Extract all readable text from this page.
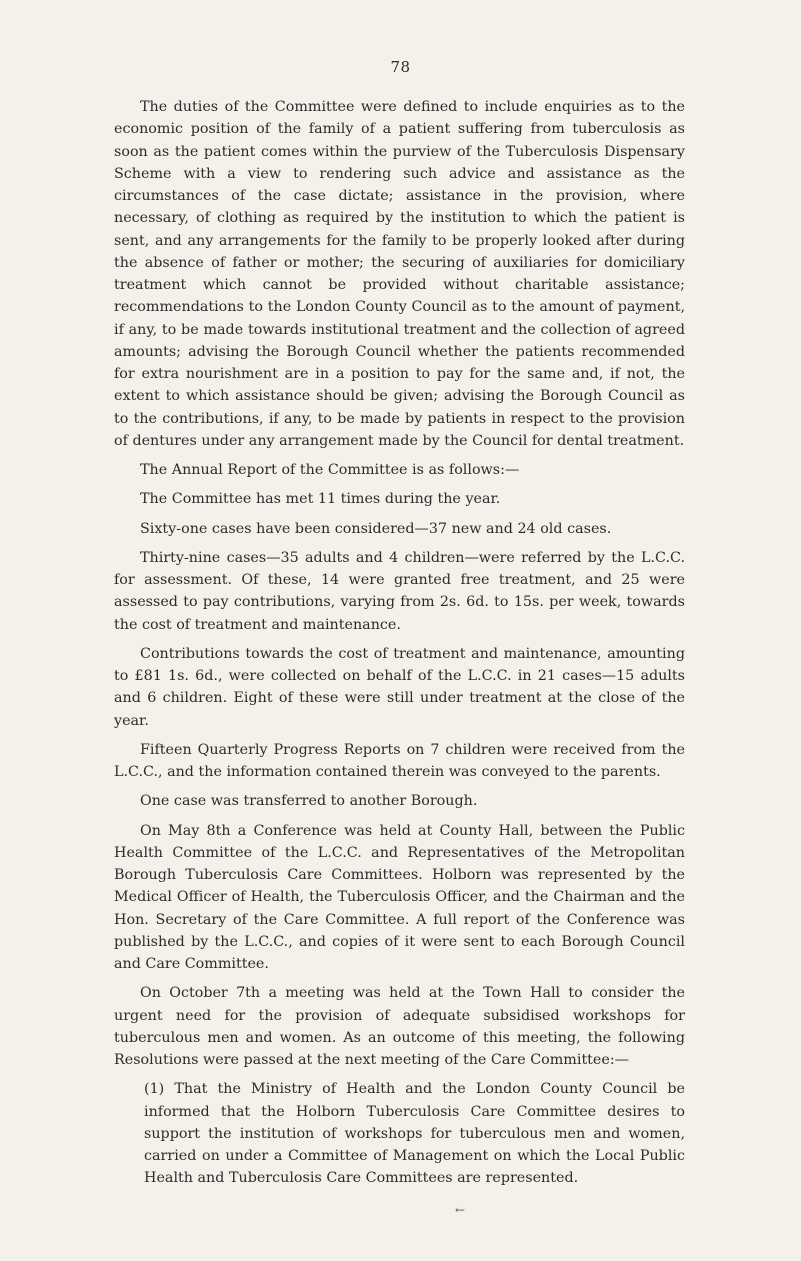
78

The duties of the Committee were defined to include enquiries as to the economic position of the family of a patient suffering from tuberculosis as soon as the patient comes within the purview of the Tuberculosis Dispensary Scheme with a view to rendering such advice and assistance as the circumstances of the case dictate; assistance in the provision, where necessary, of clothing as required by the institution to which the patient is sent, and any arrangements for the family to be properly looked after during the absence of father or mother; the securing of auxiliaries for domiciliary treatment which cannot be provided without charitable assistance; recommendations to the London County Council as to the amount of payment, if any, to be made towards institutional treatment and the collection of agreed amounts; advising the Borough Council whether the patients recommended for extra nourishment are in a position to pay for the same and, if not, the extent to which assistance should be given; advising the Borough Council as to the contributions, if any, to be made by patients in respect to the provision of dentures under any arrangement made by the Council for dental treatment.

The Annual Report of the Committee is as follows:—

The Committee has met 11 times during the year.

Sixty-one cases have been considered—37 new and 24 old cases.

Thirty-nine cases—35 adults and 4 children—were referred by the L.C.C. for assessment. Of these, 14 were granted free treatment, and 25 were assessed to pay contributions, varying from 2s. 6d. to 15s. per week, towards the cost of treatment and maintenance.

Contributions towards the cost of treatment and maintenance, amounting to £81 1s. 6d., were collected on behalf of the L.C.C. in 21 cases—15 adults and 6 children. Eight of these were still under treatment at the close of the year.

Fifteen Quarterly Progress Reports on 7 children were received from the L.C.C., and the information contained therein was conveyed to the parents.

One case was transferred to another Borough.

On May 8th a Conference was held at County Hall, between the Public Health Committee of the L.C.C. and Representatives of the Metropolitan Borough Tuberculosis Care Committees. Holborn was represented by the Medical Officer of Health, the Tuberculosis Officer, and the Chairman and the Hon. Secretary of the Care Committee. A full report of the Conference was published by the L.C.C., and copies of it were sent to each Borough Council and Care Committee.

On October 7th a meeting was held at the Town Hall to consider the urgent need for the provision of adequate subsidised workshops for tuberculous men and women. As an outcome of this meeting, the following Resolutions were passed at the next meeting of the Care Committee:—

(1) That the Ministry of Health and the London County Council be informed that the Holborn Tuberculosis Care Committee desires to support the institution of workshops for tuberculous men and women, carried on under a Committee of Management on which the Local Public Health and Tuberculosis Care Committees are represented.

←
